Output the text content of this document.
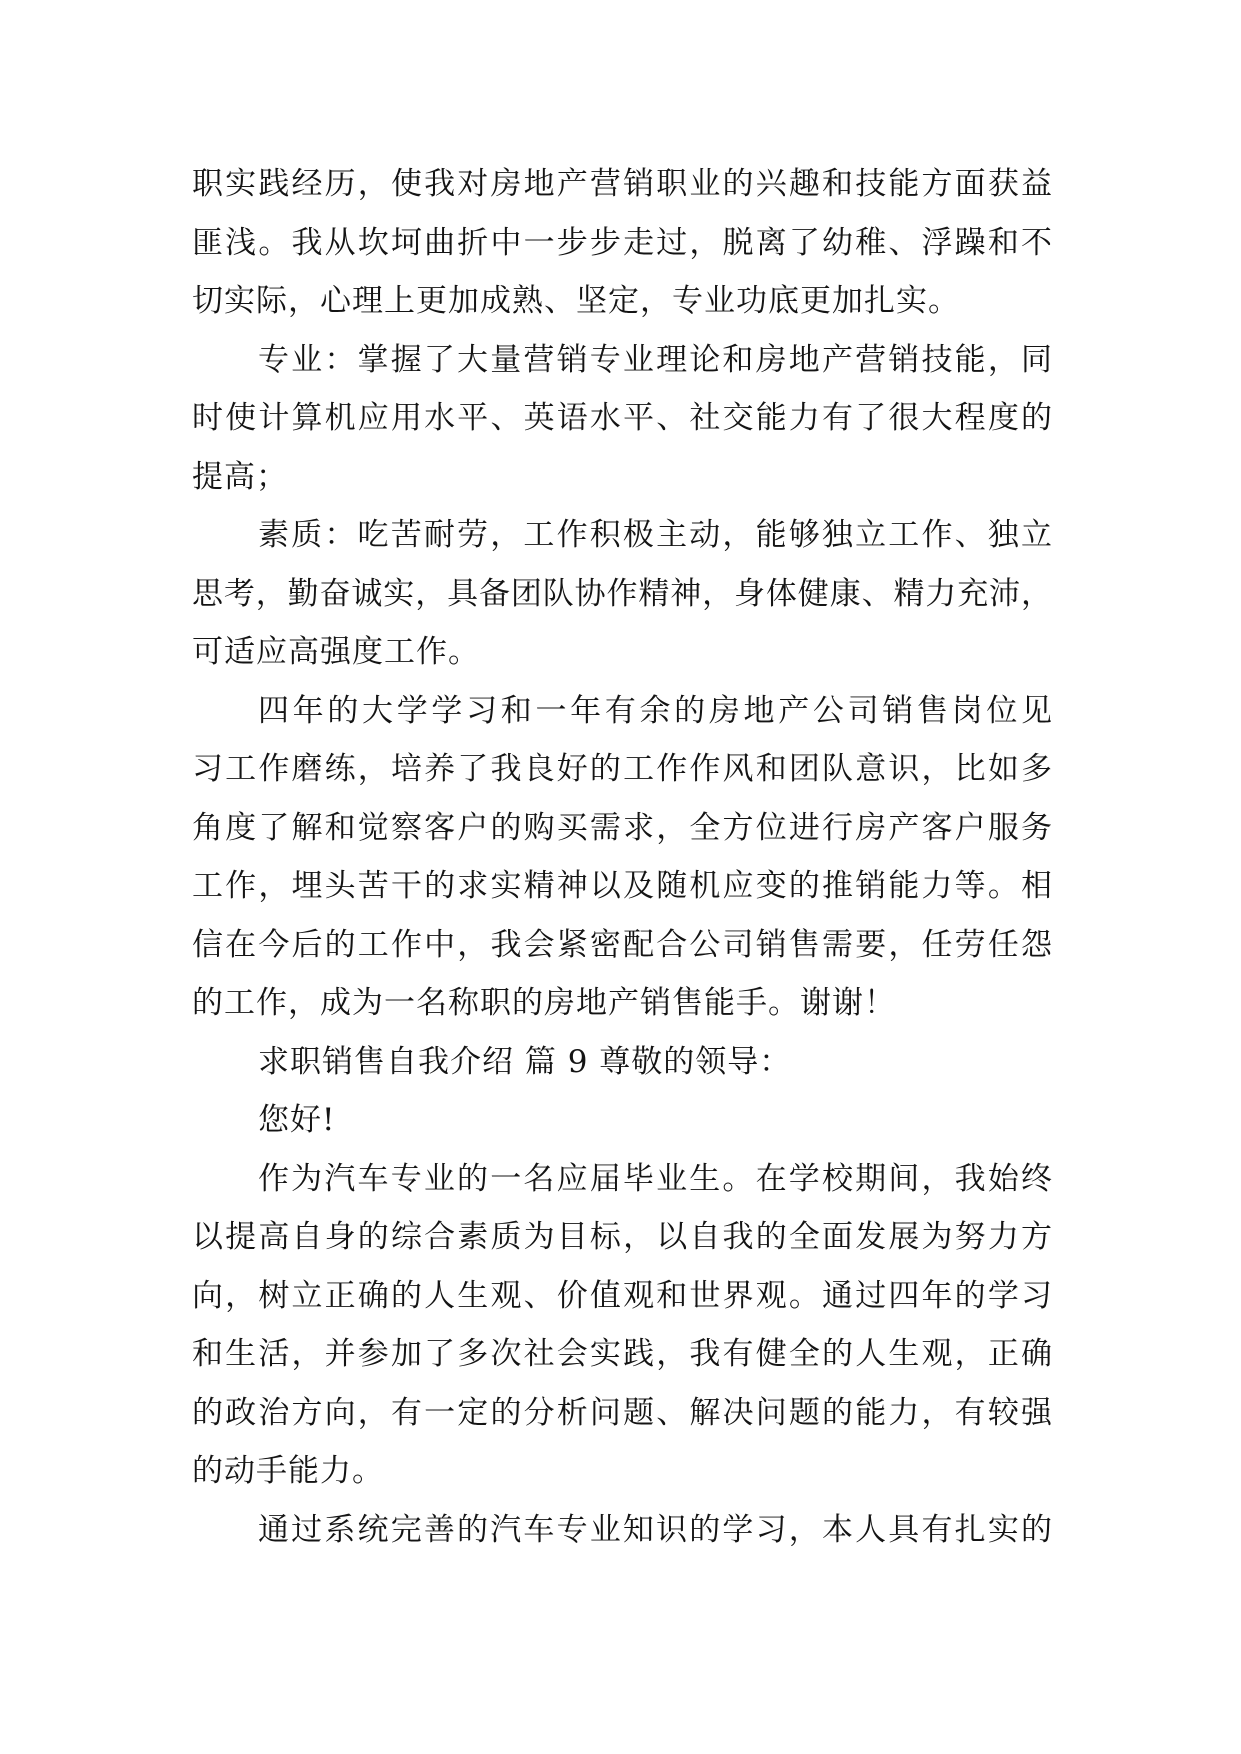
职实践经历，使我对房地产营销职业的兴趣和技能方面获益
匪浅。我从坎坷曲折中一步步走过，脱离了幼稚、浮躁和不
切实际，心理上更加成熟、坚定，专业功底更加扎实。
专业：掌握了大量营销专业理论和房地产营销技能，同
时使计算机应用水平、英语水平、社交能力有了很大程度的
提高；
素质：吃苦耐劳，工作积极主动，能够独立工作、独立
思考，勤奋诚实，具备团队协作精神，身体健康、精力充沛，
可适应高强度工作。
四年的大学学习和一年有余的房地产公司销售岗位见
习工作磨练，培养了我良好的工作作风和团队意识，比如多
角度了解和觉察客户的购买需求，全方位进行房产客户服务
工作，埋头苦干的求实精神以及随机应变的推销能力等。相
信在今后的工作中，我会紧密配合公司销售需要，任劳任怨
的工作，成为一名称职的房地产销售能手。谢谢！
求职销售自我介绍 篇 9 尊敬的领导：
您好!
作为汽车专业的一名应届毕业生。在学校期间，我始终
以提高自身的综合素质为目标，以自我的全面发展为努力方
向，树立正确的人生观、价值观和世界观。通过四年的学习
和生活，并参加了多次社会实践，我有健全的人生观，正确
的政治方向，有一定的分析问题、解决问题的能力，有较强
的动手能力。
通过系统完善的汽车专业知识的学习，本人具有扎实的
